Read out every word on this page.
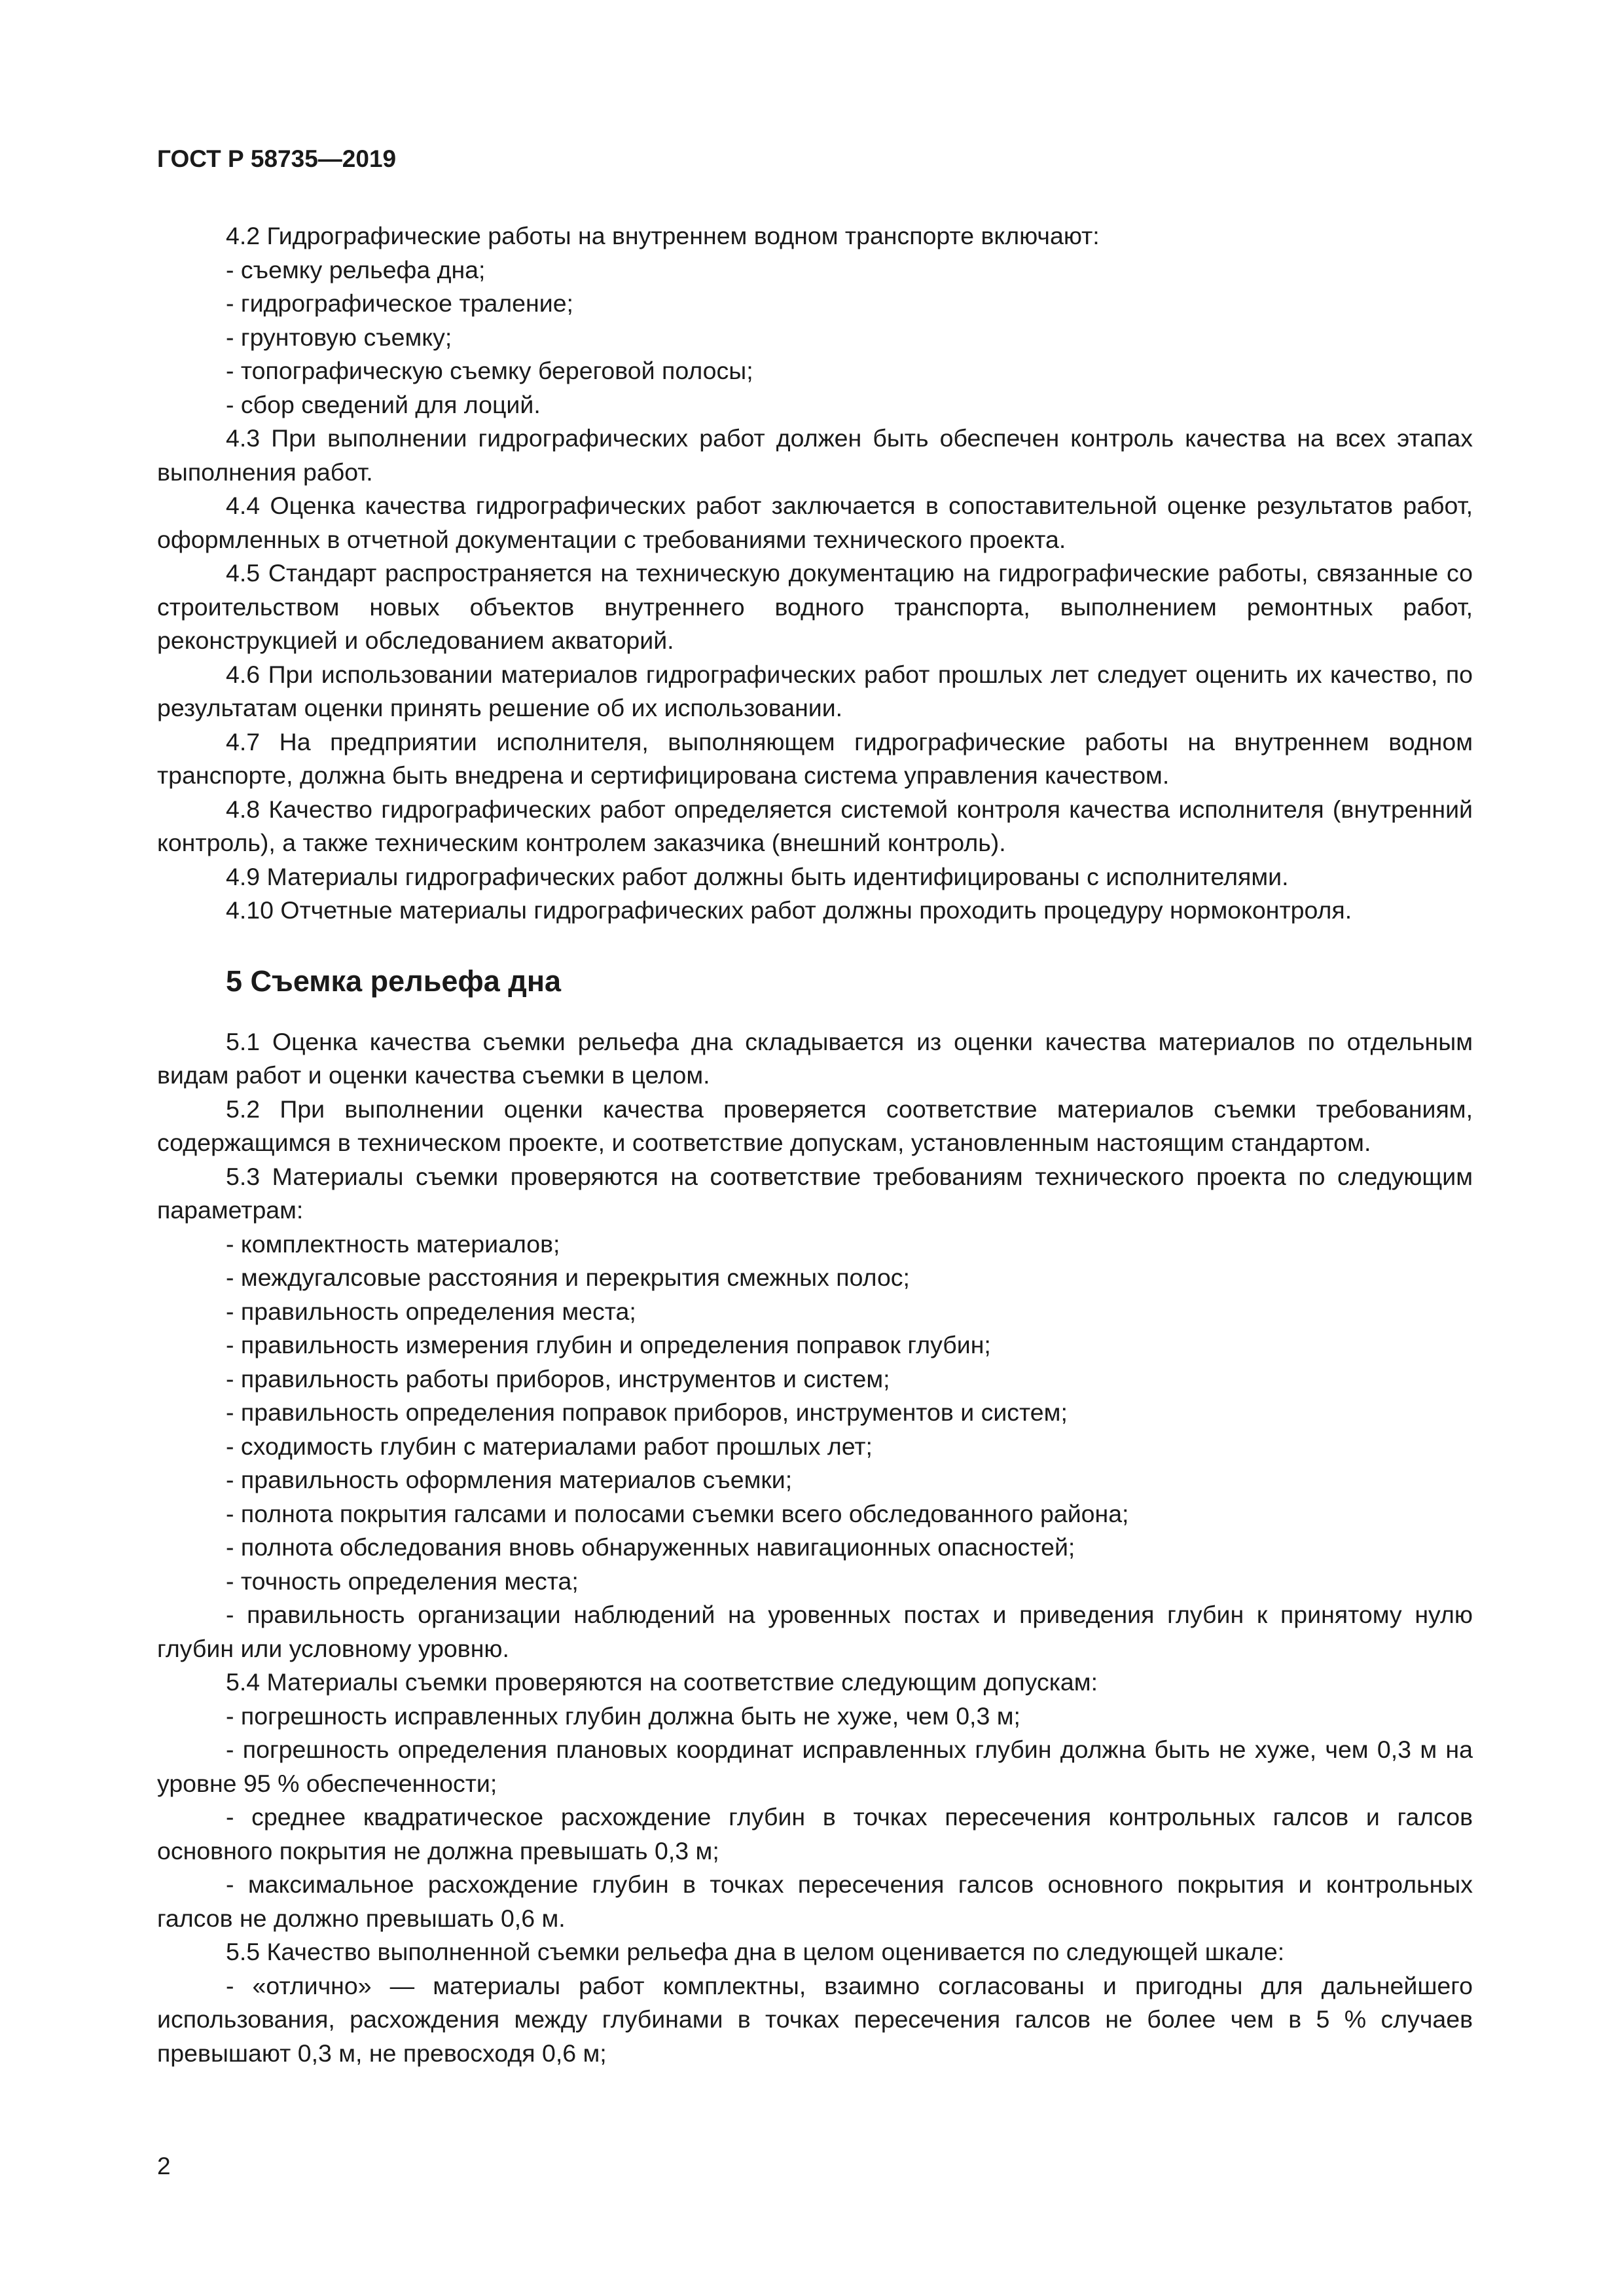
ГОСТ Р 58735—2019

4.2 Гидрографические работы на внутреннем водном транспорте включают:

- съемку рельефа дна;

- гидрографическое траление;

- грунтовую съемку;

- топографическую съемку береговой полосы;

- сбор сведений для лоций.

4.3 При выполнении гидрографических работ должен быть обеспечен контроль качества на всех этапах выполнения работ.

4.4 Оценка качества гидрографических работ заключается в сопоставительной оценке результатов работ, оформленных в отчетной документации с требованиями технического проекта.

4.5 Стандарт распространяется на техническую документацию на гидрографические работы, связанные со строительством новых объектов внутреннего водного транспорта, выполнением ремонтных работ, реконструкцией и обследованием акваторий.

4.6 При использовании материалов гидрографических работ прошлых лет следует оценить их качество, по результатам оценки принять решение об их использовании.

4.7 На предприятии исполнителя, выполняющем гидрографические работы на внутреннем водном транспорте, должна быть внедрена и сертифицирована система управления качеством.

4.8 Качество гидрографических работ определяется системой контроля качества исполнителя (внутренний контроль), а также техническим контролем заказчика (внешний контроль).

4.9 Материалы гидрографических работ должны быть идентифицированы с исполнителями.

4.10 Отчетные материалы гидрографических работ должны проходить процедуру нормоконтроля.

5 Съемка рельефа дна

5.1 Оценка качества съемки рельефа дна складывается из оценки качества материалов по отдельным видам работ и оценки качества съемки в целом.

5.2 При выполнении оценки качества проверяется соответствие материалов съемки требованиям, содержащимся в техническом проекте, и соответствие допускам, установленным настоящим стандартом.

5.3 Материалы съемки проверяются на соответствие требованиям технического проекта по следующим параметрам:

- комплектность материалов;

- междугалсовые расстояния и перекрытия смежных полос;

- правильность определения места;

- правильность измерения глубин и определения поправок глубин;

- правильность работы приборов, инструментов и систем;

- правильность определения поправок приборов, инструментов и систем;

- сходимость глубин с материалами работ прошлых лет;

- правильность оформления материалов съемки;

- полнота покрытия галсами и полосами съемки всего обследованного района;

- полнота обследования вновь обнаруженных навигационных опасностей;

- точность определения места;

- правильность организации наблюдений на уровенных постах и приведения глубин к принятому нулю глубин или условному уровню.

5.4 Материалы съемки проверяются на соответствие следующим допускам:

- погрешность исправленных глубин должна быть не хуже, чем 0,3 м;

- погрешность определения плановых координат исправленных глубин должна быть не хуже, чем 0,3 м на уровне 95 % обеспеченности;

- среднее квадратическое расхождение глубин в точках пересечения контрольных галсов и галсов основного покрытия не должна превышать 0,3 м;

- максимальное расхождение глубин в точках пересечения галсов основного покрытия и контрольных галсов не должно превышать 0,6 м.

5.5 Качество выполненной съемки рельефа дна в целом оценивается по следующей шкале:

- «отлично» — материалы работ комплектны, взаимно согласованы и пригодны для дальнейшего использования, расхождения между глубинами в точках пересечения галсов не более чем в 5 % случаев превышают 0,3 м, не превосходя 0,6 м;

2
